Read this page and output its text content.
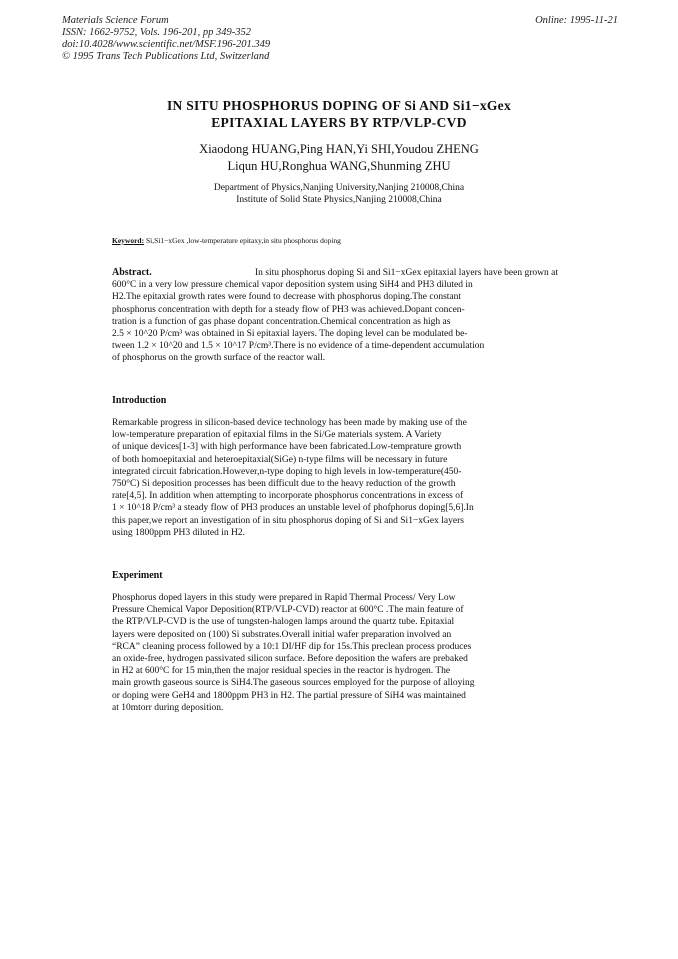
Materials Science Forum
ISSN: 1662-9752, Vols. 196-201, pp 349-352
doi:10.4028/www.scientific.net/MSF.196-201.349
© 1995 Trans Tech Publications Ltd, Switzerland
Online: 1995-11-21
IN SITU PHOSPHORUS DOPING OF Si AND Si1−xGex
EPITAXIAL LAYERS BY RTP/VLP-CVD
Xiaodong HUANG,Ping HAN,Yi SHI,Youdou ZHENG
Liqun HU,Ronghua WANG,Shunming ZHU
Department of Physics,Nanjing University,Nanjing 210008,China
Institute of Solid State Physics,Nanjing 210008,China
Keyword: Si,Si1−xGex ,low-temperature epitaxy,in situ phosphorus doping
Abstract.	In situ phosphorus doping Si and Si1−xGex epitaxial layers have been grown at
600°C in a very low pressure chemical vapor deposition system using SiH4 and PH3 diluted in
H2.The epitaxial growth rates were found to decrease with phosphorus doping.The constant
phosphorus concentration with depth for a steady flow of PH3 was achieved.Dopant concen-
tration is a function of gas phase dopant concentration.Chemical concentration as high as
2.5 × 10^20 P/cm³ was obtained in Si epitaxial layers. The doping level can be modulated be-
tween 1.2 × 10^20 and 1.5 × 10^17 P/cm³.There is no evidence of a time-dependent accumulation
of phosphorus on the growth surface of the reactor wall.
Introduction
Remarkable progress in silicon-based device technology has been made by making use of the
low-temperature preparation of epitaxial films in the Si/Ge materials system. A Variety
of unique devices[1-3] with high performance have been fabricated.Low-temprature growth
of both homoepitaxial and heteroepitaxial(SiGe) n-type films will be necessary in future
integrated circuit fabrication.However,n-type doping to high levels in low-temperature(450-
750°C) Si deposition processes has been difficult due to the heavy reduction of the growth
rate[4,5]. In addition when attempting to incorporate phosphorus concentrations in excess of
1 × 10^18 P/cm³ a steady flow of PH3 produces an unstable level of phofphorus doping[5,6].In
this paper,we report an investigation of in situ phosphorus doping of Si and Si1−xGex layers
using 1800ppm PH3 diluted in H2.
Experiment
Phosphorus doped layers in this study were prepared in Rapid Thermal Process/ Very Low
Pressure Chemical Vapor Deposition(RTP/VLP-CVD) reactor at 600°C .The main feature of
the RTP/VLP-CVD is the use of tungsten-halogen lamps around the quartz tube. Epitaxial
layers were deposited on (100) Si substrates.Overall initial wafer preparation involved an
“RCA” cleaning process followed by a 10:1 DI/HF dip for 15s.This preclean process produces
an oxide-free, hydrogen passivated silicon surface. Before deposition the wafers are prebaked
in H2 at 600°C for 15 min,then the major residual species in the reactor is hydrogen. The
main growth gaseous source is SiH4.The gaseous sources employed for the purpose of alloying
or doping were GeH4 and 1800ppm PH3 in H2. The partial pressure of SiH4 was maintained
at 10mtorr during deposition.
